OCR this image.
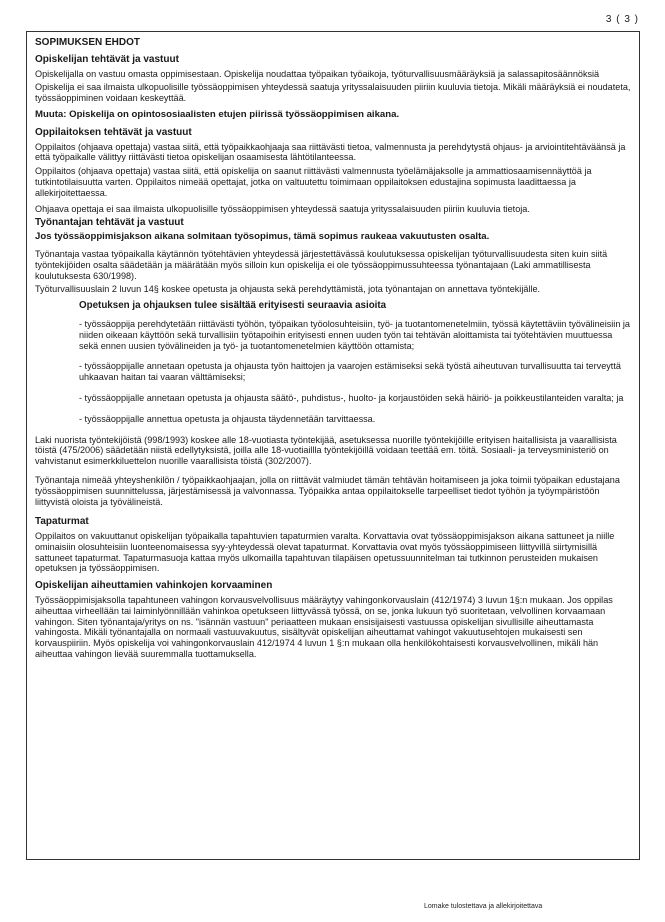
3 ( 3 )
SOPIMUKSEN EHDOT
Opiskelijan tehtävät ja vastuut

Opiskelijalla on vastuu omasta oppimisestaan. Opiskelija noudattaa työpaikan työaikoja, työturvallisuusmääräyksiä ja salassapitosäännöksiä

Opiskelija ei saa ilmaista ulkopuolisille työssäoppimisen yhteydessä saatuja yrityssalaisuuden piiriin kuuluvia tietoja. Mikäli määräyksiä ei noudateta, työssäoppiminen voidaan keskeyttää.

Muuta: Opiskelija on opintososiaalisten etujen piirissä työssäoppimisen aikana.

Oppilaitoksen tehtävät ja vastuut

Oppilaitos (ohjaava opettaja) vastaa siitä, että työpaikkaohjaaja saa riittävästi tietoa, valmennusta ja perehdytystä ohjaus- ja arviointitehtäväänsä ja että työpaikalle välittyy riittävästi tietoa opiskelijan osaamisesta lähtötilanteessa.

Oppilaitos (ohjaava opettaja) vastaa siitä, että opiskelija on saanut riittävästi valmennusta työelämäjaksolle ja ammattiosaamisennäyttöä ja tutkintotilaisuutta varten. Oppilaitos nimeää opettajat, jotka on valtuutettu toimimaan oppilaitoksen edustajina sopimusta laadittaessa ja allekirjoitettaessa.

Ohjaava opettaja ei saa ilmaista ulkopuolisille työssäoppimisen yhteydessä saatuja yrityssalaisuuden piiriin kuuluvia tietoja.

Työnantajan tehtävät ja vastuut

Jos työssäoppimisjakson aikana solmitaan työsopimus, tämä sopimus raukeaa vakuutusten osalta.

Työnantaja vastaa työpaikalla käytännön työtehtävien yhteydessä järjestettävässä koulutuksessa opiskelijan työturvallisuudesta siten kuin siitä työntekijöiden osalta säädetään ja määrätään myös silloin kun opiskelija ei ole työssäoppimussuhteessa työnantajaan (Laki ammatillisesta koulutuksesta 630/1998).

Työturvallisuuslain 2 luvun 14§ koskee opetusta ja ohjausta sekä perehdyttämistä, jota työnantajan on annettava työntekijälle.

Opetuksen ja ohjauksen tulee sisältää erityisesti seuraavia asioita

- työssäoppija perehdytetään riittävästi työhön, työpaikan työolosuhteisiin, työ- ja tuotantomenetelmiin, työssä käytettäviin työvälineisiin ja niiden oikeaan käyttöön sekä turvallisiin työtapoihin erityisesti ennen uuden työn tai tehtävän aloittamista tai työtehtävien muuttuessa sekä ennen uusien työvälineiden ja työ- ja tuotantomenetelmien käyttöön ottamista;

- työssäoppijalle annetaan opetusta ja ohjausta työn haittojen ja vaarojen estämiseksi sekä työstä aiheutuvan turvallisuutta tai terveyttä uhkaavan haitan tai vaaran välttämiseksi;

- työssäoppijalle annetaan opetusta ja ohjausta säätö-, puhdistus-, huolto- ja korjaustöiden sekä häiriö- ja poikkeustilanteiden varalta; ja

- työssäoppijalle annettua opetusta ja ohjausta täydennetään tarvittaessa.

Laki nuorista työntekijöistä (998/1993) koskee alle 18-vuotiasta työntekijää, asetuksessa nuorille työntekijöille erityisen haitallisista ja vaarallisista töistä (475/2006) säädetään niistä edellytyksistä, joilla alle 18-vuotiaillla työntekijöillä voidaan teettää em. töitä. Sosiaali- ja terveysministeriö on vahvistanut esimerkkiluettelon nuorille vaarallisista töistä (302/2007).

Työnantaja nimeää yhteyshenkilön / työpaikkaohjaajan, jolla on riittävät valmiudet tämän tehtävän hoitamiseen ja joka toimii työpaikan edustajana työssäoppimisen suunnittelussa, järjestämisessä ja valvonnassa. Työpaikka antaa oppilaitokselle tarpeelliset tiedot työhön ja työympäristöön liittyvistä oloista ja työvälineistä.

Tapaturmat

Oppilaitos on vakuuttanut opiskelijan työpaikalla tapahtuvien tapaturmien varalta. Korvattavia ovat työssäoppimisjakson aikana sattuneet ja niille ominaisiin olosuhteisiin luonteenomaisessa syy-yhteydessä olevat tapaturmat. Korvattavia ovat myös työssäoppimiseen liittyvillä siirtymisillä sattuneet tapaturmat. Tapaturmasuoja kattaa myös ulkomailla tapahtuvan tilapäisen opetussuunnitelman tai tutkinnon perusteiden mukaisen opetuksen ja työssäoppimisen.

Opiskelijan aiheuttamien vahinkojen korvaaminen

Työssäoppimisjaksolla tapahtuneen vahingon korvausvelvollisuus määräytyy vahingonkorvauslain (412/1974) 3 luvun 1§:n mukaan. Jos oppilas aiheuttaa virheellään tai laiminlyönnillään vahinkoa opetukseen liittyvässä työssä, on se, jonka lukuun työ suoritetaan, velvollinen korvaamaan vahingon. Siten työnantaja/yritys on ns. "isännän vastuun" periaatteen mukaan ensisijaisesti vastuussa opiskelijan sivullisille aiheuttamasta vahingosta. Mikäli työnantajalla on normaali vastuuvakuutus, sisältyvät opiskelijan aiheuttamat vahingot vakuutusehtojen mukaisesti sen korvauspiiriin. Myös opiskelija voi vahingonkorvauslain 412/1974 4 luvun 1 §:n mukaan olla henkilökohtaisesti korvausvelvollinen, mikäli hän aiheuttaa vahingon lievää suuremmalla tuottamuksella.

Lomake tulostettava ja allekirjoitettava
